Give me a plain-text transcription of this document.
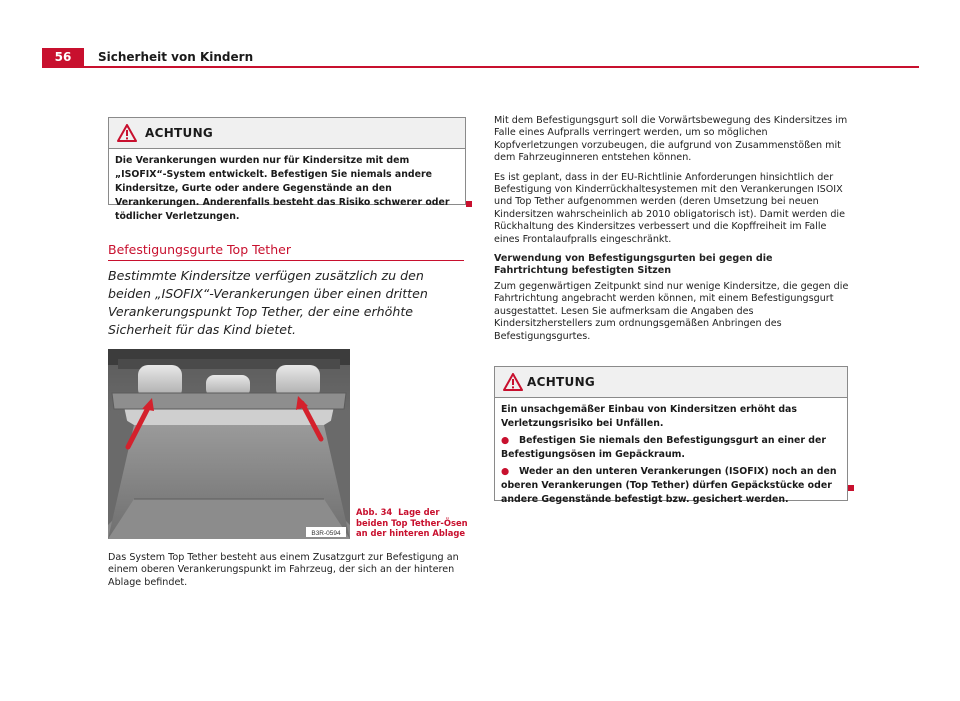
56	Sicherheit von Kindern
ACHTUNG

Die Verankerungen wurden nur für Kindersitze mit dem „ISOFIX“-System entwickelt. Befestigen Sie niemals andere Kindersitze, Gurte oder andere Gegenstände an den Verankerungen. Anderenfalls besteht das Risiko schwerer oder tödlicher Verletzungen.

Befestigungsgurte Top Tether
Bestimmte Kindersitze verfügen zusätzlich zu den beiden „ISOFIX“-Verankerungen über einen dritten Verankerungspunkt Top Tether, der eine erhöhte Sicherheit für das Kind bietet.
B3R-0594
Abb. 34 Lage der beiden Top Tether-Ösen an der hinteren Ablage

Das System Top Tether besteht aus einem Zusatzgurt zur Befestigung an einem oberen Verankerungspunkt im Fahrzeug, der sich an der hinteren Ablage befindet.

Mit dem Befestigungsgurt soll die Vorwärtsbewegung des Kindersitzes im Falle eines Aufpralls verringert werden, um so möglichen Kopfverletzungen vorzubeugen, die aufgrund von Zusammenstößen mit dem Fahrzeuginneren entstehen können.

Es ist geplant, dass in der EU-Richtlinie Anforderungen hinsichtlich der Befestigung von Kinderrückhaltesystemen mit den Verankerungen ISOIX und Top Tether aufgenommen werden (deren Umsetzung bei neuen Kindersitzen wahrscheinlich ab 2010 obligatorisch ist). Damit werden die Rückhaltung des Kindersitzes verbessert und die Kopffreiheit im Falle eines Frontalaufpralls eingeschränkt.

Verwendung von Befestigungsgurten bei gegen die Fahrtrichtung befestigten Sitzen

Zum gegenwärtigen Zeitpunkt sind nur wenige Kindersitze, die gegen die Fahrtrichtung angebracht werden können, mit einem Befestigungsgurt ausgestattet. Lesen Sie aufmerksam die Angaben des Kindersitzherstellers zum ordnungsgemäßen Anbringen des Befestigungsgurtes.

ACHTUNG

Ein unsachgemäßer Einbau von Kindersitzen erhöht das Verletzungsrisiko bei Unfällen.

● Befestigen Sie niemals den Befestigungsgurt an einer der Befestigungsösen im Gepäckraum.

● Weder an den unteren Verankerungen (ISOFIX) noch an den oberen Verankerungen (Top Tether) dürfen Gepäckstücke oder andere Gegenstände befestigt bzw. gesichert werden.
